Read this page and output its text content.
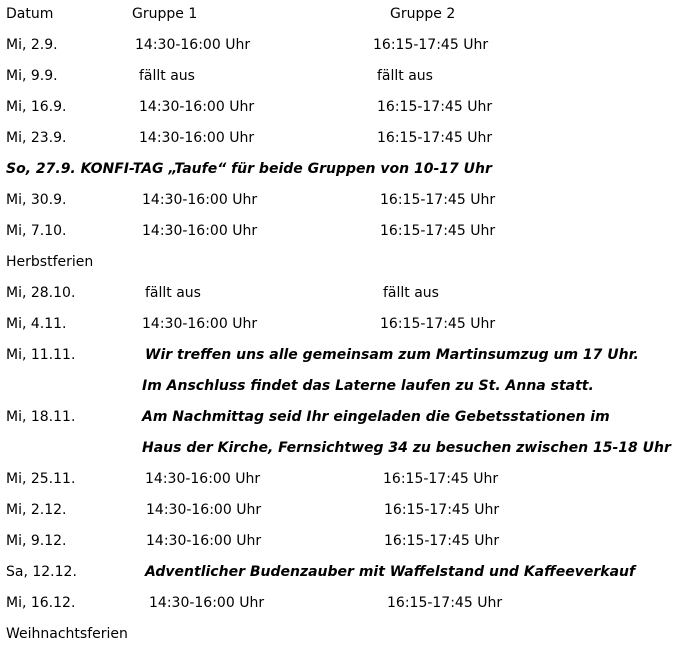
Datum	Gruppe 1	Gruppe 2
Mi, 2.9.	14:30-16:00 Uhr	16:15-17:45 Uhr
Mi, 9.9.	fällt aus	fällt aus
Mi, 16.9.	14:30-16:00 Uhr	16:15-17:45 Uhr
Mi, 23.9.	14:30-16:00 Uhr	16:15-17:45 Uhr
So, 27.9. KONFI-TAG „Taufe“ für beide Gruppen von 10-17 Uhr
Mi, 30.9.	14:30-16:00 Uhr	16:15-17:45 Uhr
Mi, 7.10.	14:30-16:00 Uhr	16:15-17:45 Uhr
Herbstferien
Mi, 28.10.	fällt aus	fällt aus
Mi, 4.11.	14:30-16:00 Uhr	16:15-17:45 Uhr
Mi, 11.11.	Wir treffen uns alle gemeinsam zum Martinsumzug um 17 Uhr.
Im Anschluss findet das Laterne laufen zu St. Anna statt.
Mi, 18.11.	Am Nachmittag seid Ihr eingeladen die Gebetsstationen im
Haus der Kirche, Fernsichtweg 34 zu besuchen zwischen 15-18 Uhr
Mi, 25.11.	14:30-16:00 Uhr	16:15-17:45 Uhr
Mi, 2.12.	14:30-16:00 Uhr	16:15-17:45 Uhr
Mi, 9.12.	14:30-16:00 Uhr	16:15-17:45 Uhr
Sa, 12.12.	Adventlicher Budenzauber mit Waffelstand und Kaffeeverkauf
Mi, 16.12.	14:30-16:00 Uhr	16:15-17:45 Uhr
Weihnachtsferien
